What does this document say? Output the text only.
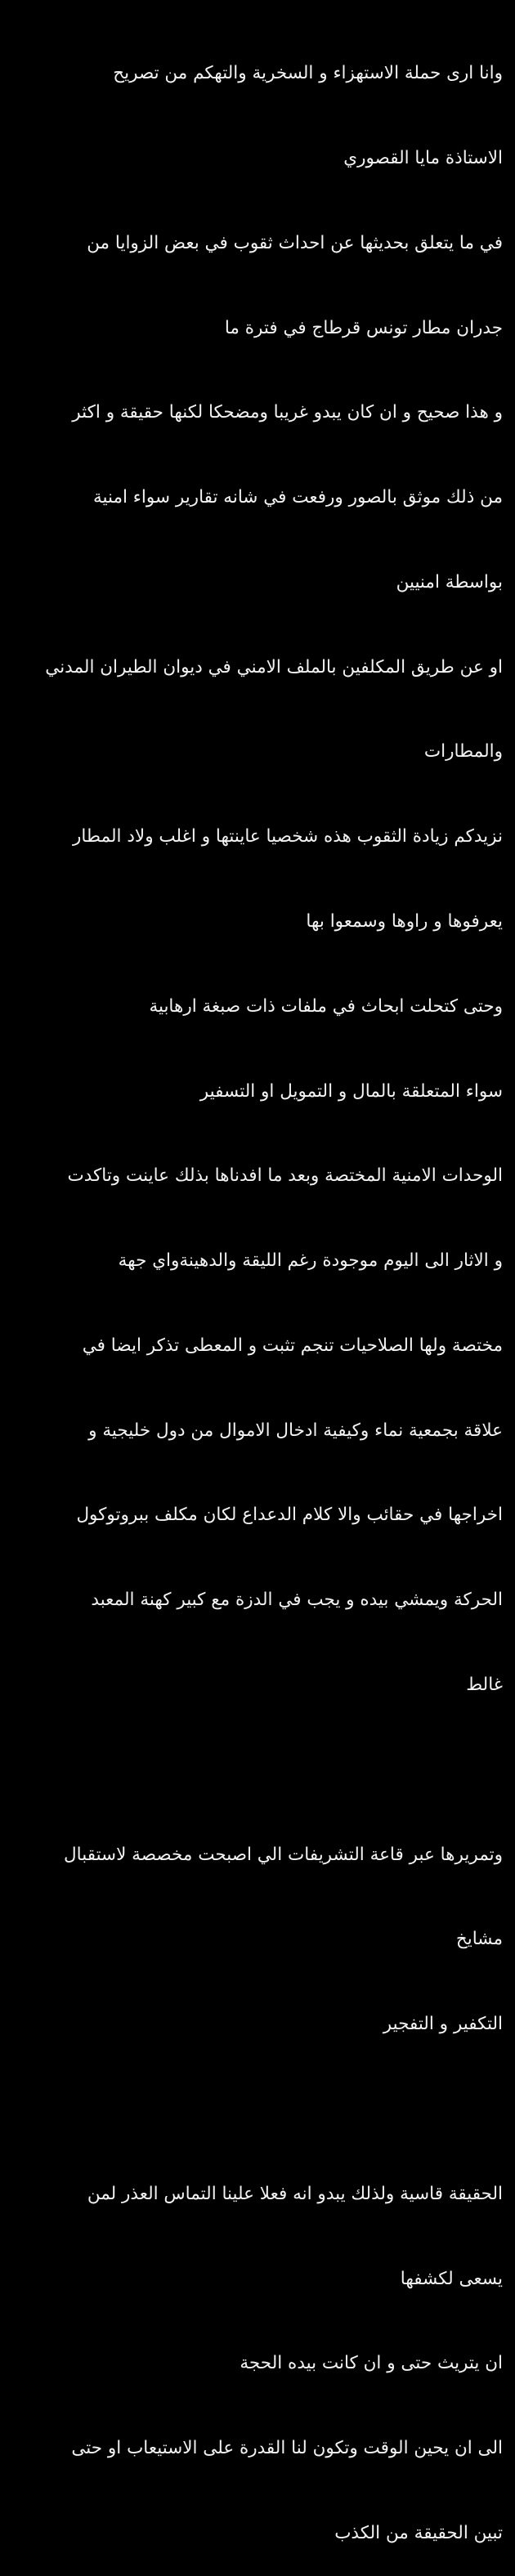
وانا ارى حملة الاستهزاء و السخرية والتهكم من تصريح

الاستاذة مايا القصوري

في ما يتعلق بحديثها عن احداث ثقوب في بعض الزوايا من

جدران مطار تونس قرطاج في فترة ما

و هذا صحيح و ان كان يبدو غريبا ومضحكا لكنها حقيقة و اكثر

من ذلك موثق بالصور ورفعت في شانه تقارير سواء امنية

بواسطة امنيين

او عن طريق المكلفين بالملف الامني في ديوان الطيران المدني

والمطارات

نزيدكم زيادة الثقوب هذه شخصيا عاينتها و اغلب ولاد المطار

يعرفوها و راوها وسمعوا بها

وحتى كتحلت ابحاث في ملفات ذات صبغة ارهابية

سواء المتعلقة بالمال و التمويل او التسفير

الوحدات الامنية المختصة وبعد ما افدناها بذلك عاينت وتاكدت

و الاثار الى اليوم موجودة رغم الليقة والدهينةواي جهة

مختصة ولها الصلاحيات تنجم تثبت و المعطى تذكر ايضا في

علاقة بجمعية نماء وكيفية ادخال الاموال من دول خليجية و

اخراجها في حقائب والا كلام الدعداع لكان مكلف ببروتوكول

الحركة ويمشي بيده و يجب في الدزة مع كبير كهنة المعبد

غالط

وتمريرها عبر قاعة التشريفات الي اصبحت مخصصة لاستقبال

مشايخ

التكفير و التفجير

الحقيقة قاسية ولذلك يبدو انه فعلا علينا التماس العذر لمن

يسعى لكشفها

ان يتريث حتى و ان كانت بيده الحجة

الى ان يحين الوقت وتكون لنا القدرة على الاستيعاب او حتى

تبين الحقيقة من الكذب
